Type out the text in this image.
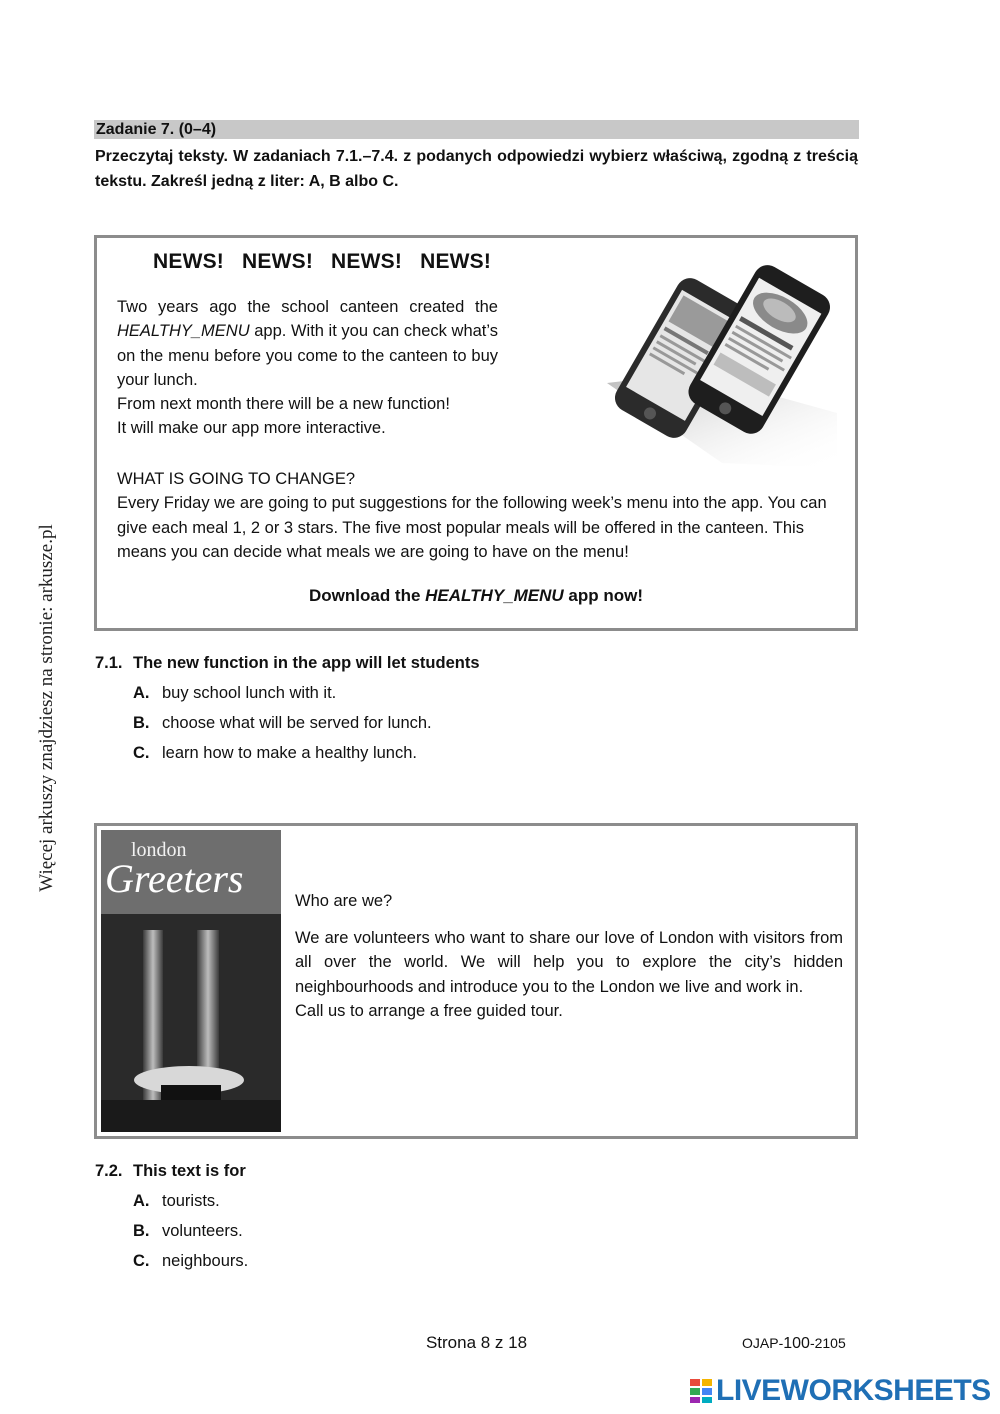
Więcej arkuszy znajdziesz na stronie: arkusze.pl
Zadanie 7. (0–4)
Przeczytaj teksty. W zadaniach 7.1.–7.4. z podanych odpowiedzi wybierz właściwą, zgodną z treścią tekstu. Zakreśl jedną z liter: A, B albo C.
NEWS! NEWS! NEWS! NEWS!

Two years ago the school canteen created the HEALTHY_MENU app. With it you can check what’s on the menu before you come to the canteen to buy your lunch.

From next month there will be a new function!

It will make our app more interactive.

WHAT IS GOING TO CHANGE?

Every Friday we are going to put suggestions for the following week’s menu into the app. You can give each meal 1, 2 or 3 stars. The five most popular meals will be offered in the canteen. This means you can decide what meals we are going to have on the menu!

Download the HEALTHY_MENU app now!
7.1. The new function in the app will let students
A. buy school lunch with it.
B. choose what will be served for lunch.
C. learn how to make a healthy lunch.
london
Greeters	Who are we?

We are volunteers who want to share our love of London with visitors from all over the world. We will help you to explore the city’s hidden neighbourhoods and introduce you to the London we live and work in.

Call us to arrange a free guided tour.

7.2. This text is for
A. tourists.
B. volunteers.
C. neighbours.
Strona 8 z 18	OJAP-100-2105
LIVEWORKSHEETS
